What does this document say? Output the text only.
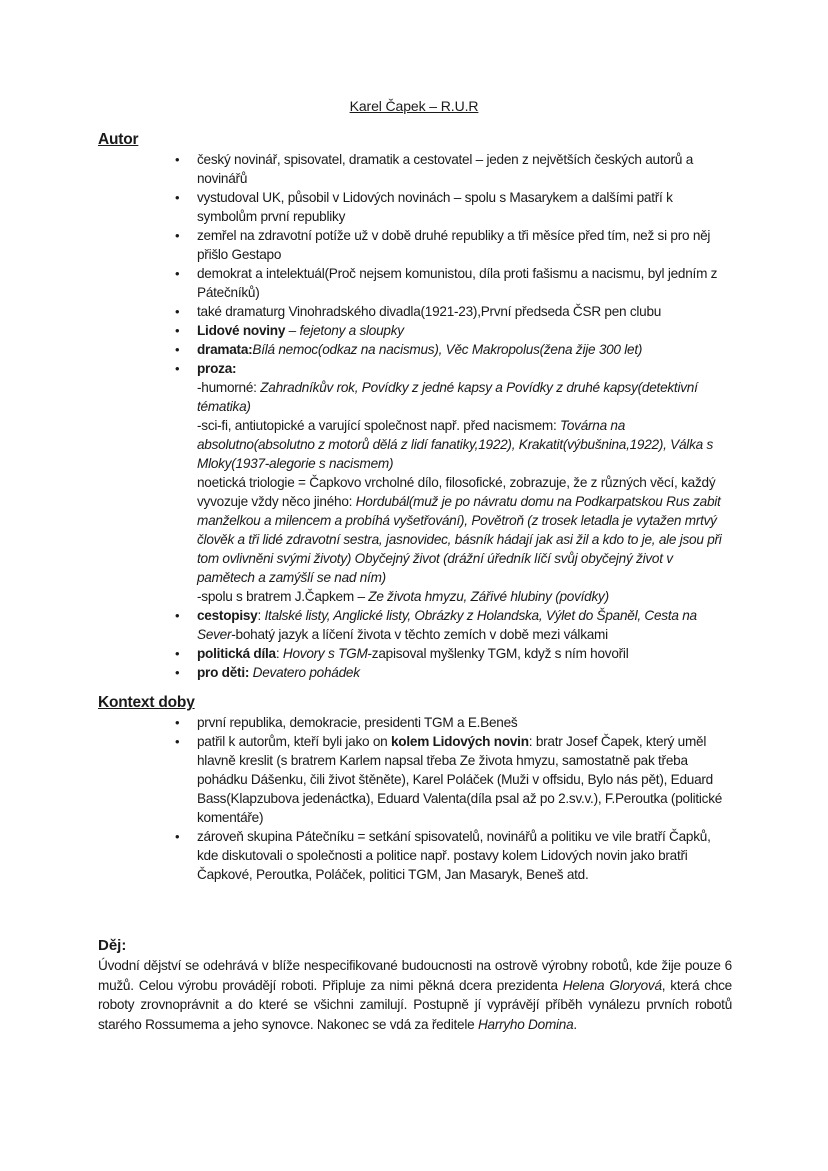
Karel Čapek – R.U.R
Autor
• český novinář, spisovatel, dramatik a cestovatel – jeden z největších českých autorů a novinářů
• vystudoval UK, působil v Lidových novinách – spolu s Masarykem a dalšími patří k symbolům první republiky
• zemřel na zdravotní potíže už v době druhé republiky a tři měsíce před tím, než si pro něj přišlo Gestapo
• demokrat a intelektuál(Proč nejsem komunistou, díla proti fašismu a nacismu, byl jedním z Pátečníků)
• také dramaturg Vinohradského divadla(1921-23),První předseda ČSR pen clubu
• Lidové noviny – fejetony a sloupky
• dramata:Bílá nemoc(odkaz na nacismus), Věc Makropolus(žena žije 300 let)
• proza:
-humorné: Zahradníkův rok, Povídky z jedné kapsy a Povídky z druhé kapsy(detektivní tématika)
-sci-fi, antiutopické a varující společnost např. před nacismem: Továrna na absolutno(absolutno z motorů dělá z lidí fanatiky,1922), Krakatit(výbušnina,1922), Válka s Mloky(1937-alegorie s nacismem)
noetická triologie = Čapkovo vrcholné dílo, filosofické, zobrazuje, že z různých věcí, každý vyvozuje vždy něco jiného: Hordubál(muž je po návratu domu na Podkarpatskou Rus zabit manželkou a milencem a probíhá vyšetřování), Povětroň (z trosek letadla je vytažen mrtvý člověk a tři lidé zdravotní sestra, jasnovidec, básník hádají jak asi žil a kdo to je, ale jsou při tom ovlivněni svými životy) Obyčejný život (drážní úředník líčí svůj obyčejný život v pamětech a zamýšlí se nad ním)
-spolu s bratrem J.Čapkem – Ze života hmyzu, Zářivé hlubiny (povídky)
• cestopisy: Italské listy, Anglické listy, Obrázky z Holandska, Výlet do Španěl, Cesta na Sever-bohatý jazyk a líčení života v těchto zemích v době mezi válkami
• politická díla: Hovory s TGM-zapisoval myšlenky TGM, když s ním hovořil
• pro děti: Devatero pohádek
Kontext doby
• první republika, demokracie, presidenti TGM a E.Beneš
• patřil k autorům, kteří byli jako on kolem Lidových novin: bratr Josef Čapek, který uměl hlavně kreslit (s bratrem Karlem napsal třeba Ze života hmyzu, samostatně pak třeba pohádku Dášenku, čili život štěněte), Karel Poláček (Muži v offsidu, Bylo nás pět), Eduard Bass(Klapzubova jedenáctka), Eduard Valenta(díla psal až po 2.sv.v.), F.Peroutka (politické komentáře)
• zároveň skupina Pátečníku = setkání spisovatelů, novinářů a politiku ve vile bratří Čapků, kde diskutovali o společnosti a politice např. postavy kolem Lidových novin jako bratři Čapkové, Peroutka, Poláček, politici TGM, Jan Masaryk, Beneš atd.
Děj:
Úvodní dějství se odehrává v blíže nespecifikované budoucnosti na ostrově výrobny robotů, kde žije pouze 6 mužů. Celou výrobu provádějí roboti. Připluje za nimi pěkná dcera prezidenta Helena Gloryová, která chce roboty zrovnoprávnit a do které se všichni zamilují. Postupně jí vyprávějí příběh vynálezu prvních robotů starého Rossumema a jeho synovce. Nakonec se vdá za ředitele Harryho Domina.
